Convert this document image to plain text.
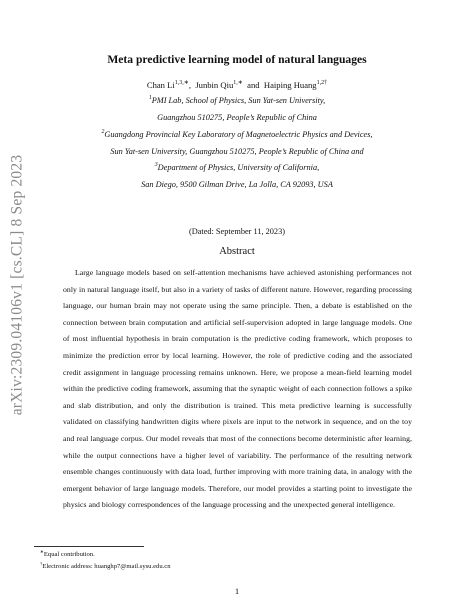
arXiv:2309.04106v1 [cs.CL] 8 Sep 2023
Meta predictive learning model of natural languages
Chan $Li^{1,3,∗}$,  Junbin Qiu$^{1,∗}$  and  Haiping Huang$^{1,2\dagger}$
$^1$PMI Lab, School of Physics, Sun Yat-sen University,
Guangzhou 510275, People’s Republic of China
$^2$Guangdong Provincial Key Laboratory of Magnetoelectric Physics and Devices,
Sun Yat-sen University, Guangzhou 510275, People’s Republic of China and
$^3$Department of Physics, University of California,
San Diego, 9500 Gilman Drive, La Jolla, CA 92093, USA
(Dated: September 11, 2023)
Abstract
Large language models based on self-attention mechanisms have achieved astonishing performances not only in natural language itself, but also in a variety of tasks of different nature. However, regarding processing language, our human brain may not operate using the same principle. Then, a debate is established on the connection between brain computation and artificial self-supervision adopted in large language models. One of most influential hypothesis in brain computation is the predictive coding framework, which proposes to minimize the prediction error by local learning. However, the role of predictive coding and the associated credit assignment in language processing remains unknown. Here, we propose a mean-field learning model within the predictive coding framework, assuming that the synaptic weight of each connection follows a spike and slab distribution, and only the distribution is trained. This meta predictive learning is successfully validated on classifying handwritten digits where pixels are input to the network in sequence, and on the toy and real language corpus. Our model reveals that most of the connections become deterministic after learning, while the output connections have a higher level of variability. The performance of the resulting network ensemble changes continuously with data load, further improving with more training data, in analogy with the emergent behavior of large language models. Therefore, our model provides a starting point to investigate the physics and biology correspondences of the language processing and the unexpected general intelligence.
∗Equal contribution.
†Electronic address: huanghp7@mail.sysu.edu.cn
1
